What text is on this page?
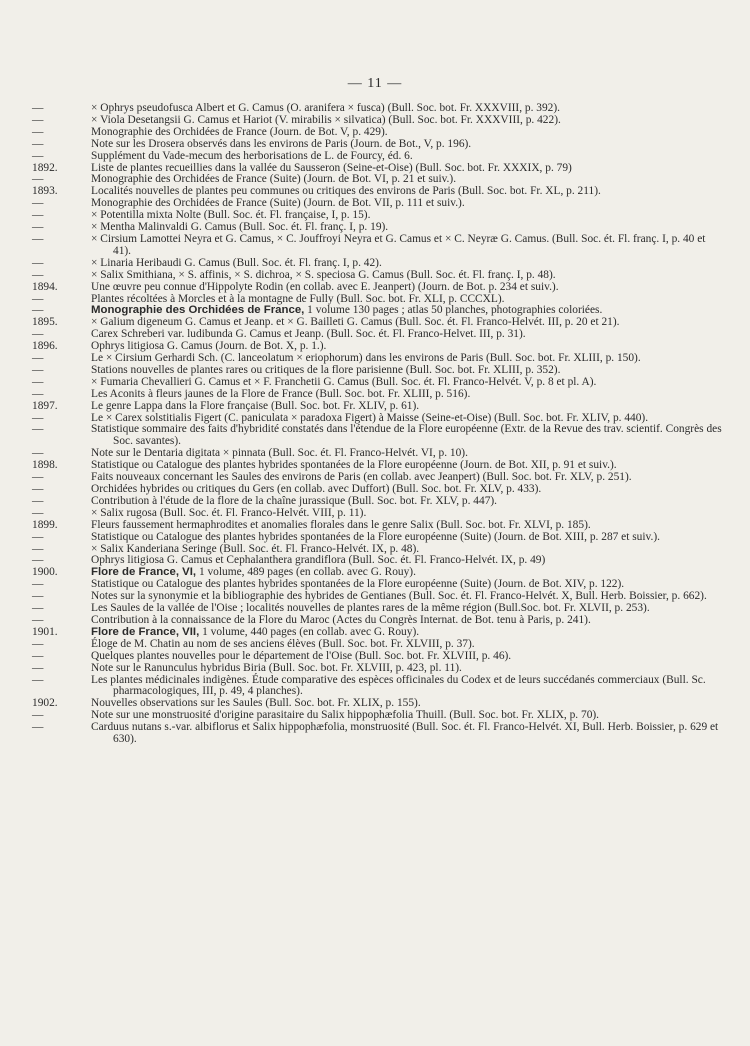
— 11 —
—	× Ophrys pseudofusca Albert et G. Camus (O. aranifera × fusca) (Bull. Soc. bot. Fr. XXXVIII, p. 392).
—	× Viola Desetangsii G. Camus et Hariot (V. mirabilis × silvatica) (Bull. Soc. bot. Fr. XXXVIII, p. 422).
—	Monographie des Orchidées de France (Journ. de Bot. V, p. 429).
—	Note sur les Drosera observés dans les environs de Paris (Journ. de Bot., V, p. 196).
—	Supplément du Vade-mecum des herborisations de L. de Fourcy, éd. 6.
1892.	Liste de plantes recueillies dans la vallée du Sausseron (Seine-et-Oise) (Bull. Soc. bot. Fr. XXXIX, p. 79)
—	Monographie des Orchidées de France (Suite) (Journ. de Bot. VI, p. 21 et suiv.).
1893.	Localités nouvelles de plantes peu communes ou critiques des environs de Paris (Bull. Soc. bot. Fr. XL, p. 211).
—	Monographie des Orchidées de France (Suite) (Journ. de Bot. VII, p. 111 et suiv.).
—	× Potentilla mixta Nolte (Bull. Soc. ét. Fl. française, I, p. 15).
—	× Mentha Malinvaldi G. Camus (Bull. Soc. ét. Fl. franç. I, p. 19).
—	× Cirsium Lamottei Neyra et G. Camus, × C. Jouffroyi Neyra et G. Camus et × C. Neyræ G. Camus. (Bull. Soc. ét. Fl. franç. I, p. 40 et 41).
—	× Linaria Heribaudi G. Camus (Bull. Soc. ét. Fl. franç. I, p. 42).
—	× Salix Smithiana, × S. affinis, × S. dichroa, × S. speciosa G. Camus (Bull. Soc. ét. Fl. franç. I, p. 48).
1894.	Une œuvre peu connue d'Hippolyte Rodin (en collab. avec E. Jeanpert) (Journ. de Bot. p. 234 et suiv.).
—	Plantes récoltées à Morcles et à la montagne de Fully (Bull. Soc. bot. Fr. XLI, p. CCCXL).
—	Monographie des Orchidées de France, 1 volume 130 pages ; atlas 50 planches, photographies coloriées.
1895.	× Galium digeneum G. Camus et Jeanp. et × G. Bailleti G. Camus (Bull. Soc. ét. Fl. Franco-Helvét. III, p. 20 et 21).
—	Carex Schreberi var. ludibunda G. Camus et Jeanp. (Bull. Soc. ét. Fl. Franco-Helvet. III, p. 31).
1896.	Ophrys litigiosa G. Camus (Journ. de Bot. X, p. 1.).
—	Le × Cirsium Gerhardi Sch. (C. lanceolatum × eriophorum) dans les environs de Paris (Bull. Soc. bot. Fr. XLIII, p. 150).
—	Stations nouvelles de plantes rares ou critiques de la flore parisienne (Bull. Soc. bot. Fr. XLIII, p. 352).
—	× Fumaria Chevallieri G. Camus et × F. Franchetii G. Camus (Bull. Soc. ét. Fl. Franco-Helvét. V, p. 8 et pl. A).
—	Les Aconits à fleurs jaunes de la Flore de France (Bull. Soc. bot. Fr. XLIII, p. 516).
1897.	Le genre Lappa dans la Flore française (Bull. Soc. bot. Fr. XLIV, p. 61).
—	Le × Carex solstitialis Figert (C. paniculata × paradoxa Figert) à Maisse (Seine-et-Oise) (Bull. Soc. bot. Fr. XLIV, p. 440).
—	Statistique sommaire des faits d'hybridité constatés dans l'étendue de la Flore européenne (Extr. de la Revue des trav. scientif. Congrès des Soc. savantes).
—	Note sur le Dentaria digitata × pinnata (Bull. Soc. ét. Fl. Franco-Helvét. VI, p. 10).
1898.	Statistique ou Catalogue des plantes hybrides spontanées de la Flore européenne (Journ. de Bot. XII, p. 91 et suiv.).
—	Faits nouveaux concernant les Saules des environs de Paris (en collab. avec Jeanpert) (Bull. Soc. bot. Fr. XLV, p. 251).
—	Orchidées hybrides ou critiques du Gers (en collab. avec Duffort) (Bull. Soc. bot. Fr. XLV, p. 433).
—	Contribution à l'étude de la flore de la chaîne jurassique (Bull. Soc. bot. Fr. XLV, p. 447).
—	× Salix rugosa (Bull. Soc. ét. Fl. Franco-Helvét. VIII, p. 11).
1899.	Fleurs faussement hermaphrodites et anomalies florales dans le genre Salix (Bull. Soc. bot. Fr. XLVI, p. 185).
—	Statistique ou Catalogue des plantes hybrides spontanées de la Flore européenne (Suite) (Journ. de Bot. XIII, p. 287 et suiv.).
—	× Salix Kanderiana Seringe (Bull. Soc. ét. Fl. Franco-Helvét. IX, p. 48).
—	Ophrys litigiosa G. Camus et Cephalanthera grandiflora (Bull. Soc. ét. Fl. Franco-Helvét. IX, p. 49)
1900.	Flore de France, VI, 1 volume, 489 pages (en collab. avec G. Rouy).
—	Statistique ou Catalogue des plantes hybrides spontanées de la Flore européenne (Suite) (Journ. de Bot. XIV, p. 122).
—	Notes sur la synonymie et la bibliographie des hybrides de Gentianes (Bull. Soc. ét. Fl. Franco-Helvét. X, Bull. Herb. Boissier, p. 662).
—	Les Saules de la vallée de l'Oise ; localités nouvelles de plantes rares de la même région (Bull.Soc. bot. Fr. XLVII, p. 253).
—	Contribution à la connaissance de la Flore du Maroc (Actes du Congrès Internat. de Bot. tenu à Paris, p. 241).
1901.	Flore de France, VII, 1 volume, 440 pages (en collab. avec G. Rouy).
—	Éloge de M. Chatin au nom de ses anciens élèves (Bull. Soc. bot. Fr. XLVIII, p. 37).
—	Quelques plantes nouvelles pour le département de l'Oise (Bull. Soc. bot. Fr. XLVIII, p. 46).
—	Note sur le Ranunculus hybridus Biria (Bull. Soc. bot. Fr. XLVIII, p. 423, pl. 11).
—	Les plantes médicinales indigènes. Étude comparative des espèces officinales du Codex et de leurs succédanés commerciaux (Bull. Sc. pharmacologiques, III, p. 49, 4 planches).
1902.	Nouvelles observations sur les Saules (Bull. Soc. bot. Fr. XLIX, p. 155).
—	Note sur une monstruosité d'origine parasitaire du Salix hippophæfolia Thuill. (Bull. Soc. bot. Fr. XLIX, p. 70).
—	Carduus nutans s.-var. albiflorus et Salix hippophæfolia, monstruosité (Bull. Soc. ét. Fl. Franco-Helvét. XI, Bull. Herb. Boissier, p. 629 et 630).
